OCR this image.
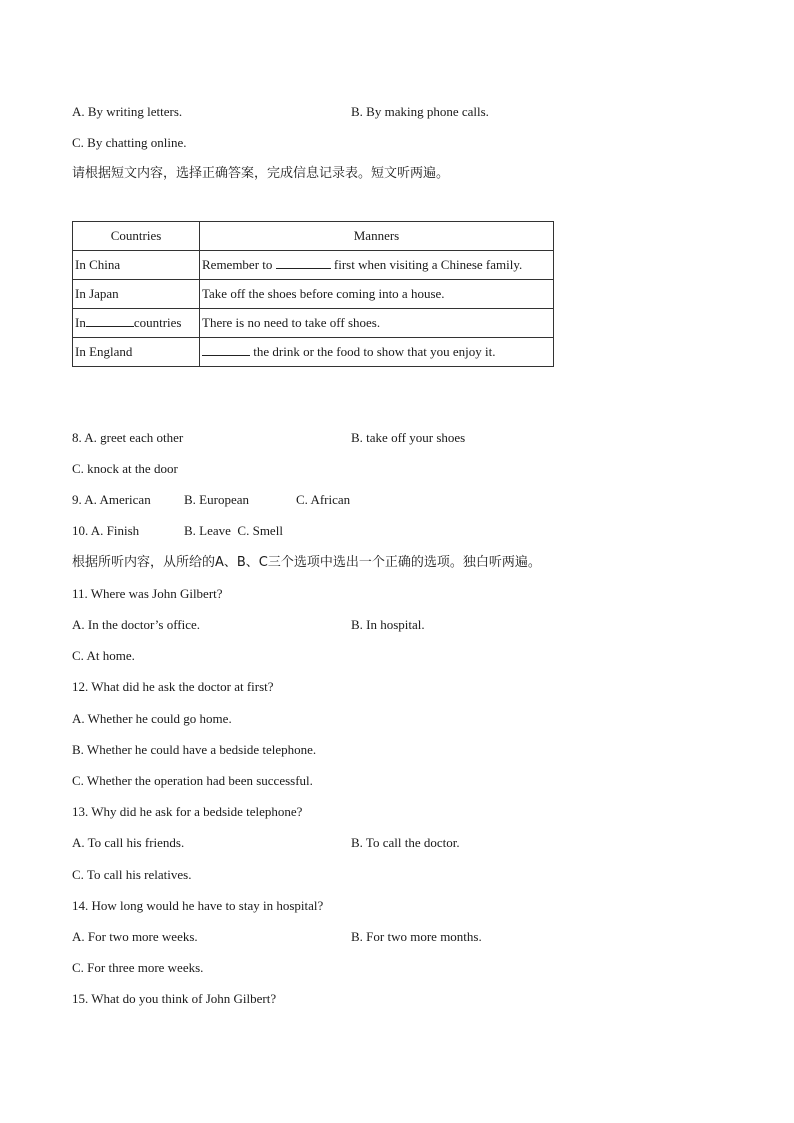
A. By writing letters.	B. By making phone calls.
C. By chatting online.
请根据短文内容，选择正确答案，完成信息记录表。短文听两遍。
Countries	Manners
In China	Remember to first when visiting a Chinese family.
In Japan	Take off the shoes before coming into a house.
In countries	There is no need to take off shoes.
In England	the drink or the food to show that you enjoy it.
8. A. greet each other	B. take off your shoes
C. knock at the door
9. A. American	B. European	C. African
10. A. Finish	B. Leave C. Smell
根据所听内容，从所给的A、B、C三个选项中选出一个正确的选项。独白听两遍。
11. Where was John Gilbert?
A. In the doctor’s office.	B. In hospital.
C. At home.
12. What did he ask the doctor at first?
A. Whether he could go home.
B. Whether he could have a bedside telephone.
C. Whether the operation had been successful.
13. Why did he ask for a bedside telephone?
A. To call his friends.	B. To call the doctor.
C. To call his relatives.
14. How long would he have to stay in hospital?
A. For two more weeks.	B. For two more months.
C. For three more weeks.
15. What do you think of John Gilbert?
